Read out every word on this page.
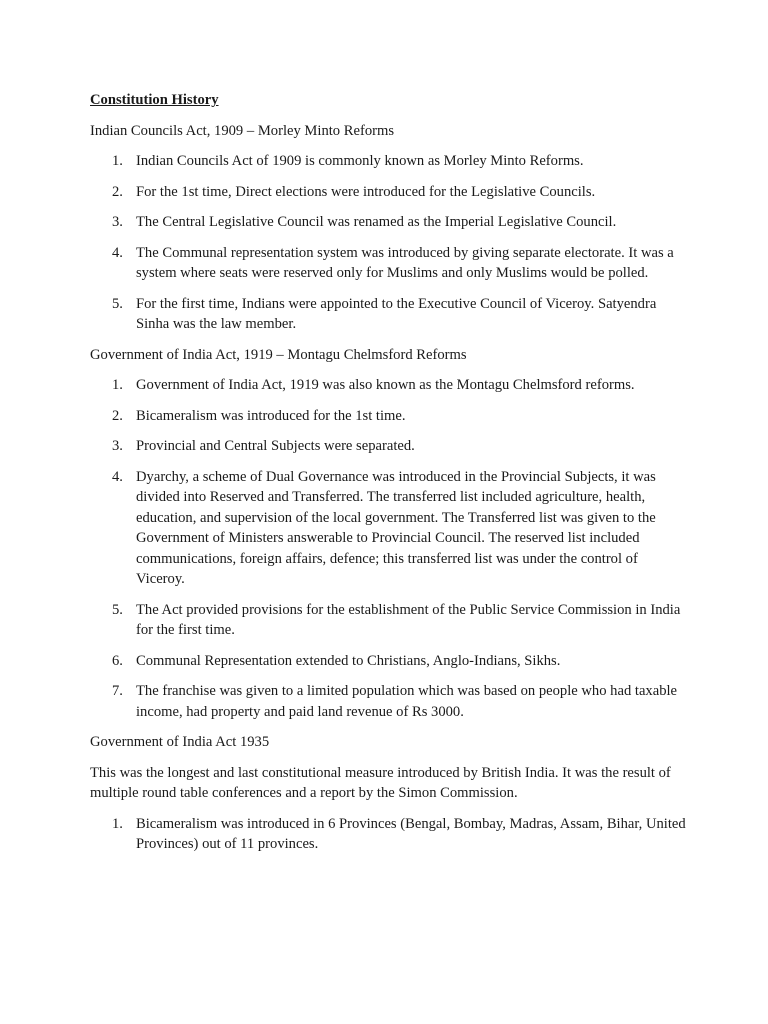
Constitution History
Indian Councils Act, 1909 – Morley Minto Reforms
1. Indian Councils Act of 1909 is commonly known as Morley Minto Reforms.
2. For the 1st time, Direct elections were introduced for the Legislative Councils.
3. The Central Legislative Council was renamed as the Imperial Legislative Council.
4. The Communal representation system was introduced by giving separate electorate. It was a system where seats were reserved only for Muslims and only Muslims would be polled.
5. For the first time, Indians were appointed to the Executive Council of Viceroy. Satyendra Sinha was the law member.
Government of India Act, 1919 – Montagu Chelmsford Reforms
1. Government of India Act, 1919 was also known as the Montagu Chelmsford reforms.
2. Bicameralism was introduced for the 1st time.
3. Provincial and Central Subjects were separated.
4. Dyarchy, a scheme of Dual Governance was introduced in the Provincial Subjects, it was divided into Reserved and Transferred. The transferred list included agriculture, health, education, and supervision of the local government. The Transferred list was given to the Government of Ministers answerable to Provincial Council. The reserved list included communications, foreign affairs, defence; this transferred list was under the control of Viceroy.
5. The Act provided provisions for the establishment of the Public Service Commission in India for the first time.
6. Communal Representation extended to Christians, Anglo-Indians, Sikhs.
7. The franchise was given to a limited population which was based on people who had taxable income, had property and paid land revenue of Rs 3000.
Government of India Act 1935
This was the longest and last constitutional measure introduced by British India. It was the result of multiple round table conferences and a report by the Simon Commission.
1. Bicameralism was introduced in 6 Provinces (Bengal, Bombay, Madras, Assam, Bihar, United Provinces) out of 11 provinces.
